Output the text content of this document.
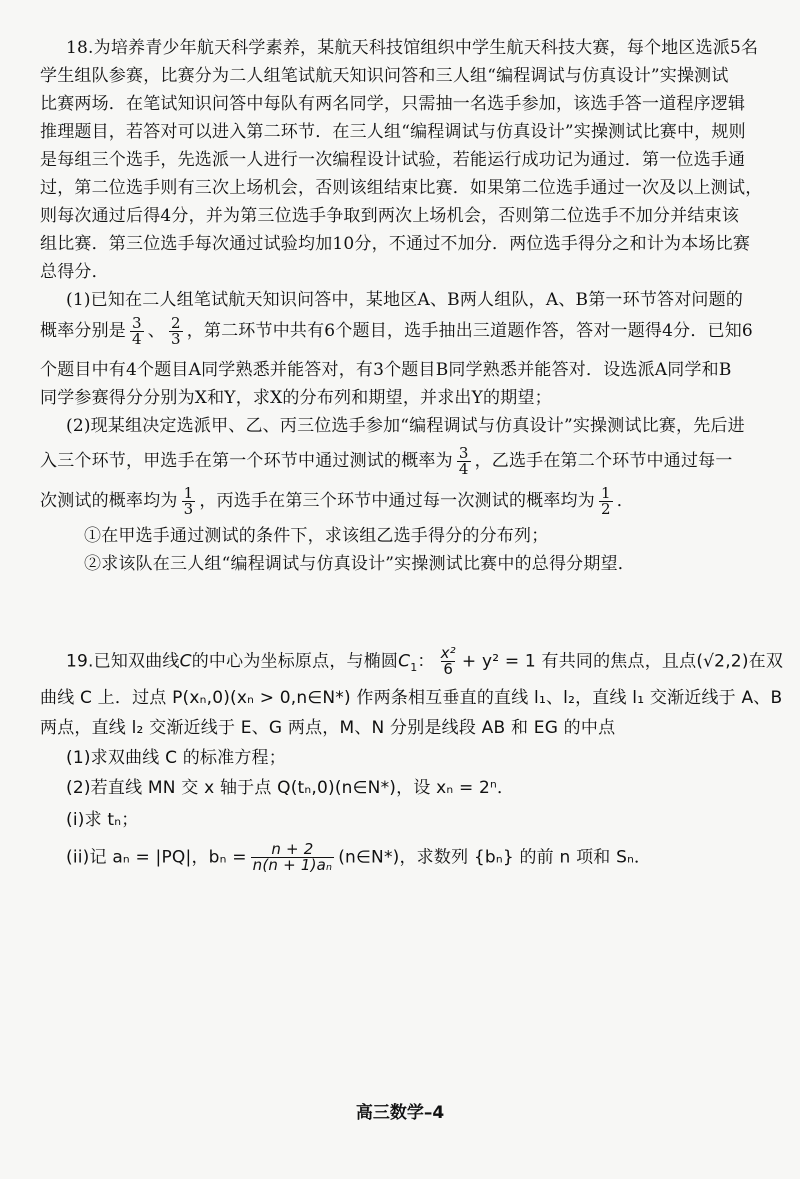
18.为培养青少年航天科学素养，某航天科技馆组织中学生航天科技大赛，每个地区选派5名
学生组队参赛，比赛分为二人组笔试航天知识问答和三人组“编程调试与仿真设计”实操测试
比赛两场．在笔试知识问答中每队有两名同学，只需抽一名选手参加，该选手答一道程序逻辑
推理题目，若答对可以进入第二环节．在三人组“编程调试与仿真设计”实操测试比赛中，规则
是每组三个选手，先选派一人进行一次编程设计试验，若能运行成功记为通过．第一位选手通
过，第二位选手则有三次上场机会，否则该组结束比赛．如果第二位选手通过一次及以上测试，
则每次通过后得4分，并为第三位选手争取到两次上场机会，否则第二位选手不加分并结束该
组比赛．第三位选手每次通过试验均加10分，不通过不加分．两位选手得分之和计为本场比赛
总得分．
(1)已知在二人组笔试航天知识问答中，某地区A、B两人组队，A、B第一环节答对问题的
概率分别是 $\frac{3}{4}$ 、 $\frac{2}{3}$ ，第二环节中共有6个题目，选手抽出三道题作答，答对一题得4分．已知6
个题目中有4个题目A同学熟悉并能答对，有3个题目B同学熟悉并能答对．设选派A同学和B
同学参赛得分分别为X和Y，求X的分布列和期望，并求出Y的期望；
(2)现某组决定选派甲、乙、丙三位选手参加“编程调试与仿真设计”实操测试比赛，先后进
入三个环节，甲选手在第一个环节中通过测试的概率为 $\frac{3}{4}$ ，乙选手在第二个环节中通过每一
次测试的概率均为 $\frac{1}{3}$ ，丙选手在第三个环节中通过每一次测试的概率均为 $\frac{1}{2}$ ．
①在甲选手通过测试的条件下，求该组乙选手得分的分布列；
②求该队在三人组“编程调试与仿真设计”实操测试比赛中的总得分期望．
19.已知双曲线C的中心为坐标原点，与椭圆$C_1$： $\frac{\text{x²}}{6} + y^2 = 1$ 有共同的焦点，且点(√2,2)在双
曲线 C 上．过点 P(xₙ,0)(xₙ > 0,n∈N*) 作两条相互垂直的直线 l₁、l₂，直线 l₁ 交渐近线于 A、B
两点，直线 l₂ 交渐近线于 E、G 两点，M、N 分别是线段 AB 和 EG 的中点
(1)求双曲线 C 的标准方程；
(2)若直线 MN 交 x 轴于点 Q(tₙ,0)(n∈N*)，设 xₙ = 2ⁿ．
(i)求 tₙ；
(ii)记 aₙ = |PQ|，$b_n = \frac{n + 2}{\text{n(n + 1)aₙ}}$ (n∈N*)，求数列 {bₙ} 的前 n 项和 Sₙ．
高三数学–4
